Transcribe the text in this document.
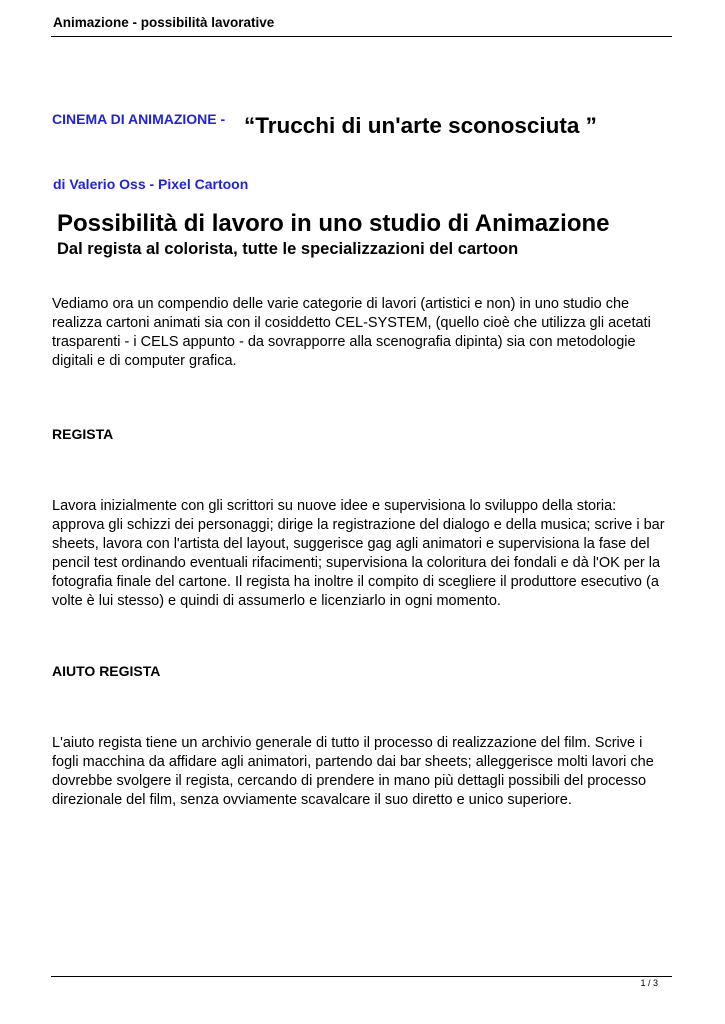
Animazione - possibilità lavorative
CINEMA DI ANIMAZIONE - “Trucchi di un'arte sconosciuta ”
di Valerio Oss - Pixel Cartoon
Possibilità di lavoro in uno studio di Animazione
Dal regista al colorista, tutte le specializzazioni del cartoon

Vediamo ora un compendio delle varie categorie di lavori (artistici e non) in uno studio che
realizza cartoni animati sia con il cosiddetto CEL-SYSTEM, (quello cioè che utilizza gli acetati
trasparenti - i CELS appunto - da sovrapporre alla scenografia dipinta) sia con metodologie
digitali e di computer grafica.

REGISTA

Lavora inizialmente con gli scrittori su nuove idee e supervisiona lo sviluppo della storia:
approva gli schizzi dei personaggi; dirige la registrazione del dialogo e della musica; scrive i bar
sheets, lavora con l'artista del layout, suggerisce gag agli animatori e supervisiona la fase del
pencil test ordinando eventuali rifacimenti; supervisiona la coloritura dei fondali e dà l'OK per la
fotografia finale del cartone. Il regista ha inoltre il compito di scegliere il produttore esecutivo (a
volte è lui stesso) e quindi di assumerlo e licenziarlo in ogni momento.

AIUTO REGISTA

L'aiuto regista tiene un archivio generale di tutto il processo di realizzazione del film. Scrive i
fogli macchina da affidare agli animatori, partendo dai bar sheets; alleggerisce molti lavori che
dovrebbe svolgere il regista, cercando di prendere in mano più dettagli possibili del processo
direzionale del film, senza ovviamente scavalcare il suo diretto e unico superiore.

1 / 3
